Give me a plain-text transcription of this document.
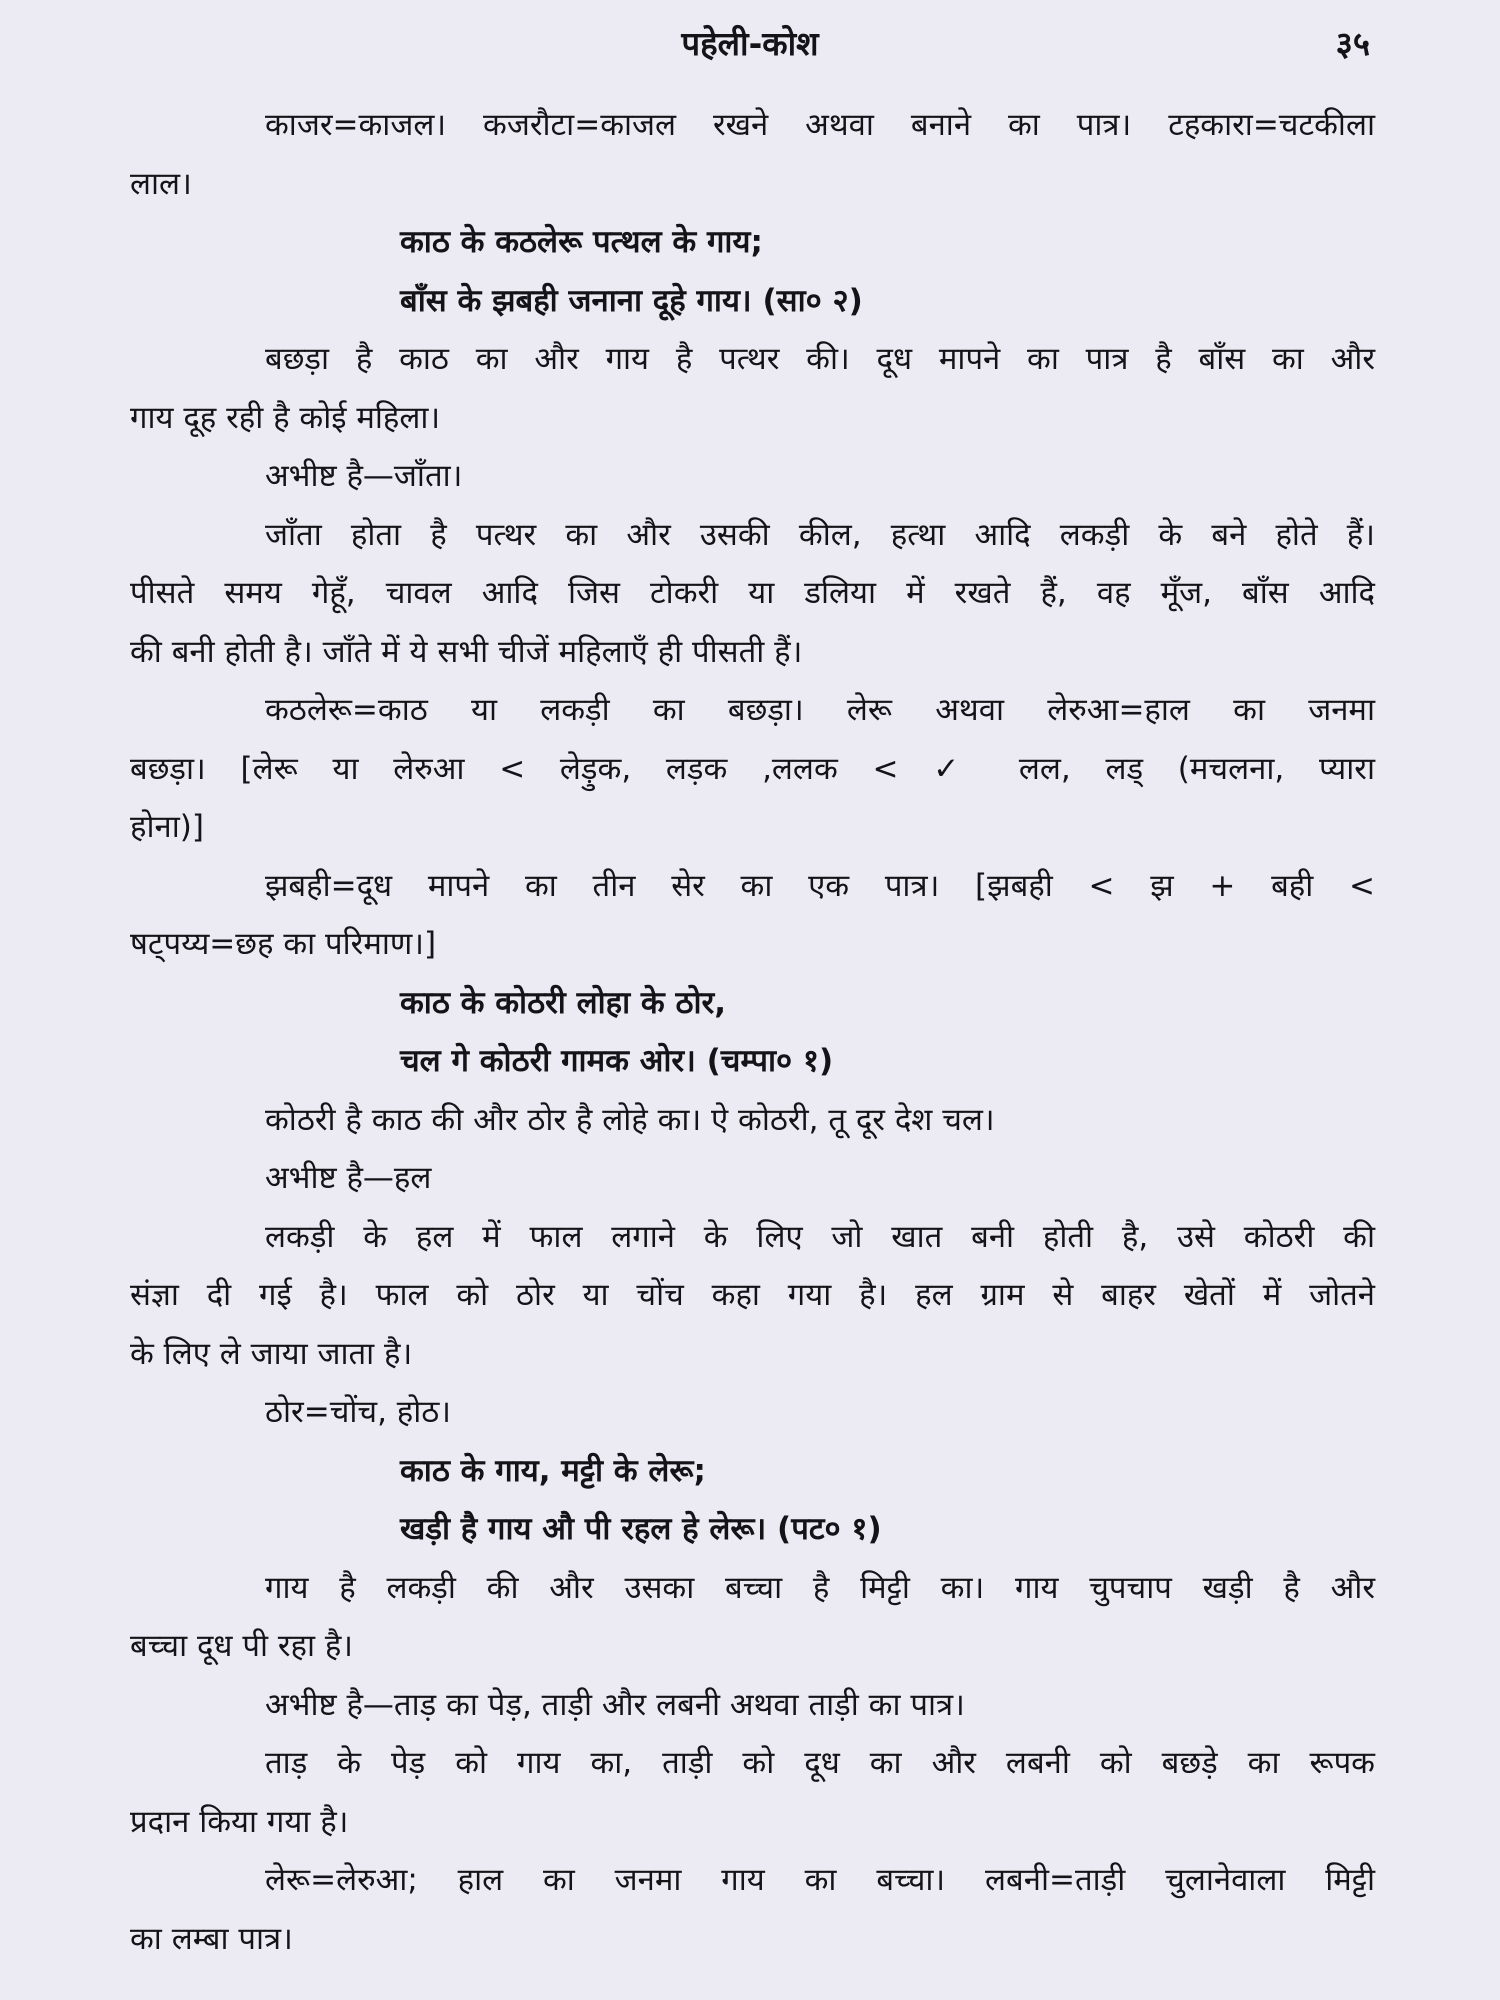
पहेली-कोश	३५

काजर=काजल। कजरौटा=काजल रखने अथवा बनाने का पात्र। टहकारा=चटकीला

लाल।

काठ के कठलेरू पत्थल के गाय;

बाँस के झबही जनाना दूहे गाय। (सा० २)

बछड़ा है काठ का और गाय है पत्थर की। दूध मापने का पात्र है बाँस का और

गाय दूह रही है कोई महिला।

अभीष्ट है—जाँता।

जाँता होता है पत्थर का और उसकी कील, हत्था आदि लकड़ी के बने होते हैं।

पीसते समय गेहूँ, चावल आदि जिस टोकरी या डलिया में रखते हैं, वह मूँज, बाँस आदि

की बनी होती है। जाँते में ये सभी चीजें महिलाएँ ही पीसती हैं।

कठलेरू=काठ या लकड़ी का बछड़ा। लेरू अथवा लेरुआ=हाल का जनमा

बछड़ा। [लेरू या लेरुआ < लेड़ुक, लड़क ,ललक < ✓ लल, लड् (मचलना, प्यारा

होना)]

झबही=दूध मापने का तीन सेर का एक पात्र। [झबही < झ + बही <

षट्पय्य=छह का परिमाण।]

काठ के कोठरी लोहा के ठोर,

चल गे कोठरी गामक ओर। (चम्पा० १)

कोठरी है काठ की और ठोर है लोहे का। ऐ कोठरी, तू दूर देश चल।

अभीष्ट है—हल

लकड़ी के हल में फाल लगाने के लिए जो खात बनी होती है, उसे कोठरी की

संज्ञा दी गई है। फाल को ठोर या चोंच कहा गया है। हल ग्राम से बाहर खेतों में जोतने

के लिए ले जाया जाता है।

ठोर=चोंच, होठ।

काठ के गाय, मट्टी के लेरू;

खड़ी है गाय औ पी रहल हे लेरू। (पट० १)

गाय है लकड़ी की और उसका बच्चा है मिट्टी का। गाय चुपचाप खड़ी है और

बच्चा दूध पी रहा है।

अभीष्ट है—ताड़ का पेड़, ताड़ी और लबनी अथवा ताड़ी का पात्र।

ताड़ के पेड़ को गाय का, ताड़ी को दूध का और लबनी को बछड़े का रूपक

प्रदान किया गया है।

लेरू=लेरुआ; हाल का जनमा गाय का बच्चा। लबनी=ताड़ी चुलानेवाला मिट्टी

का लम्बा पात्र।
